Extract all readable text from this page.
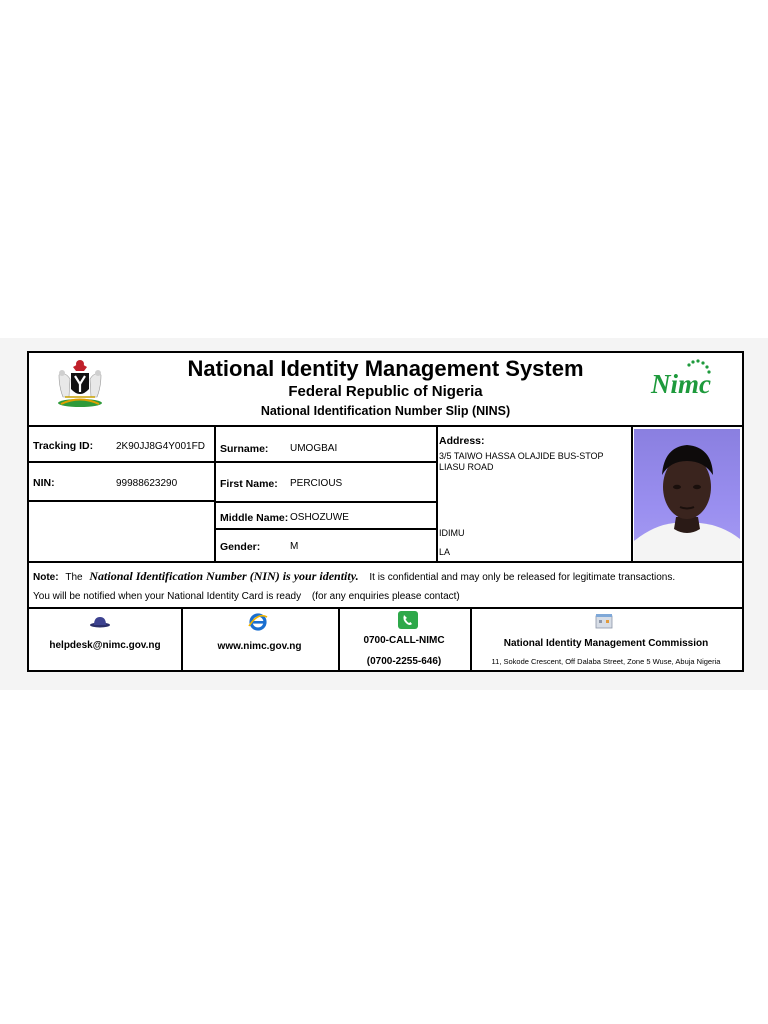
National Identity Management System
Federal Republic of Nigeria
National Identification Number Slip (NINS)
Nimc
Tracking ID: 2K90JJ8G4Y001FD
NIN:	99988623290
Surname: UMOGBAI
First Name: PERCIOUS
Middle Name: OSHOZUWE
Gender:	M
Address:
3/5 TAIWO HASSA OLAJIDE BUS-STOP
LIASU ROAD
IDIMU
LA
Note: The National Identification Number (NIN) is your identity. It is confidential and may only be released for legitimate transactions.
You will be notified when your National Identity Card is ready (for any enquiries please contact)
helpdesk@nimc.gov.ng	www.nimc.gov.ng
0700-CALL-NIMC
(0700-2255-646)
National Identity Management Commission
11, Sokode Crescent, Off Dalaba Street, Zone 5 Wuse, Abuja Nigeria
